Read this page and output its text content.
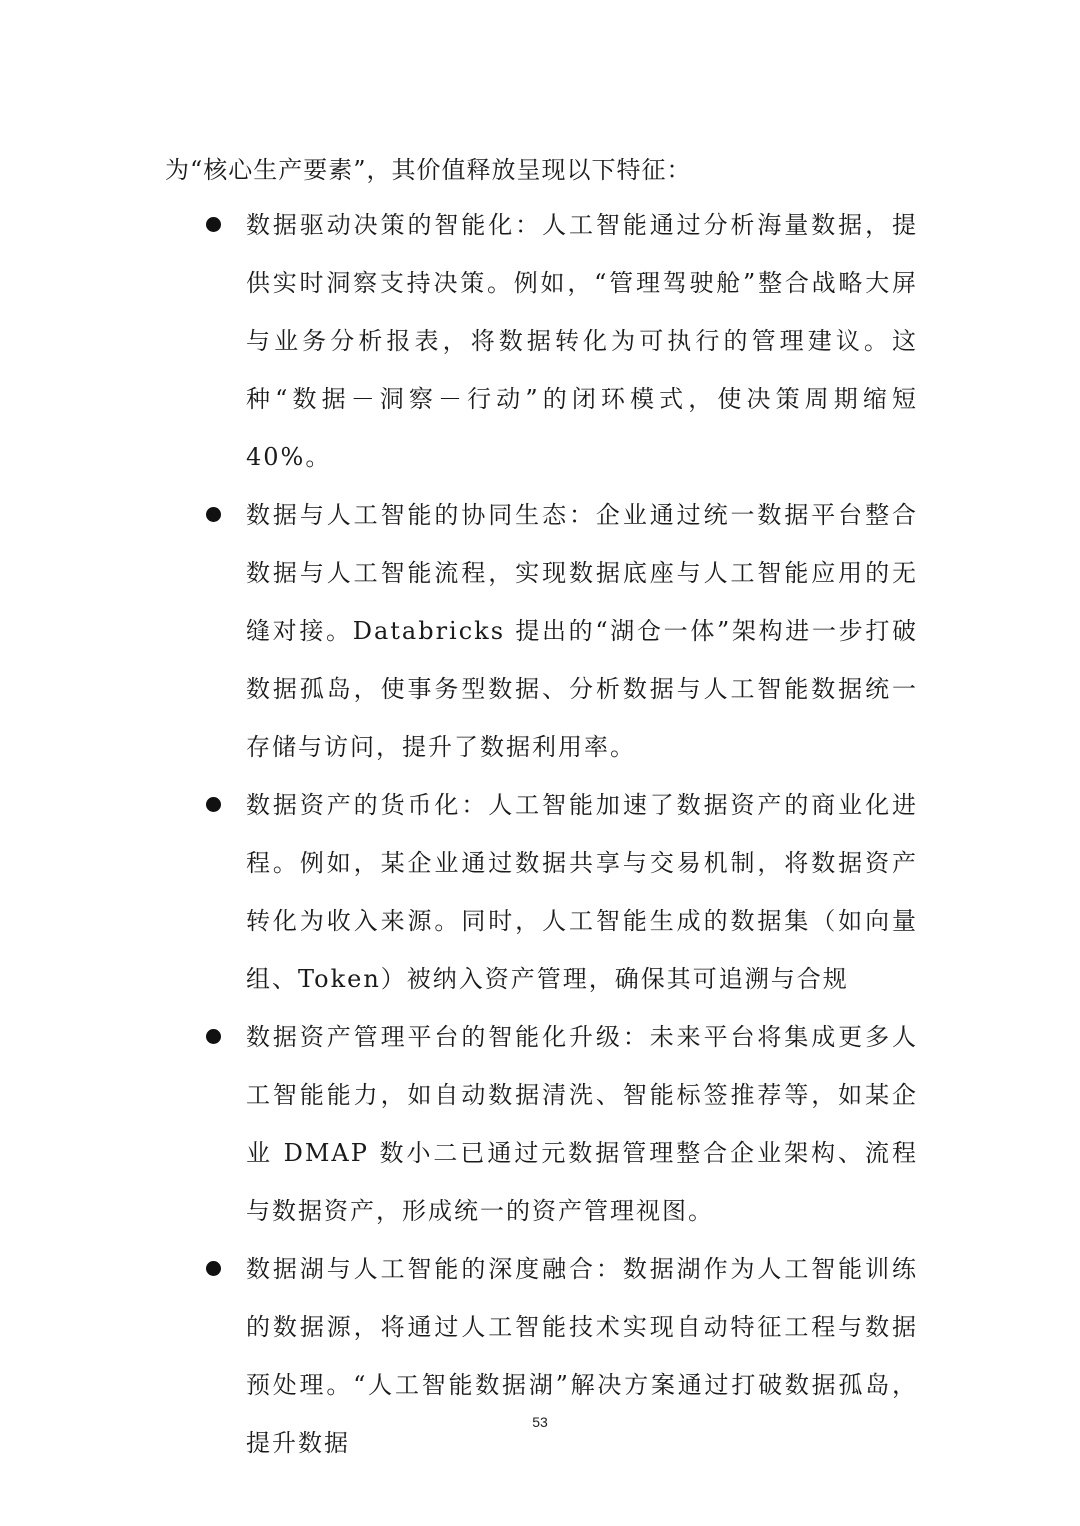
为“核心生产要素”，其价值释放呈现以下特征：
数据驱动决策的智能化：人工智能通过分析海量数据，提供实时洞察支持决策。例如，“管理驾驶舱”整合战略大屏与业务分析报表，将数据转化为可执行的管理建议。这种“数据－洞察－行动”的闭环模式，使决策周期缩短 40%。
数据与人工智能的协同生态：企业通过统一数据平台整合数据与人工智能流程，实现数据底座与人工智能应用的无缝对接。Databricks 提出的“湖仓一体”架构进一步打破数据孤岛，使事务型数据、分析数据与人工智能数据统一存储与访问，提升了数据利用率。
数据资产的货币化：人工智能加速了数据资产的商业化进程。例如，某企业通过数据共享与交易机制，将数据资产转化为收入来源。同时，人工智能生成的数据集（如向量组、Token）被纳入资产管理，确保其可追溯与合规
数据资产管理平台的智能化升级：未来平台将集成更多人工智能能力，如自动数据清洗、智能标签推荐等，如某企业 DMAP 数小二已通过元数据管理整合企业架构、流程与数据资产，形成统一的资产管理视图。
数据湖与人工智能的深度融合：数据湖作为人工智能训练的数据源，将通过人工智能技术实现自动特征工程与数据预处理。“人工智能数据湖”解决方案通过打破数据孤岛，提升数据
53
